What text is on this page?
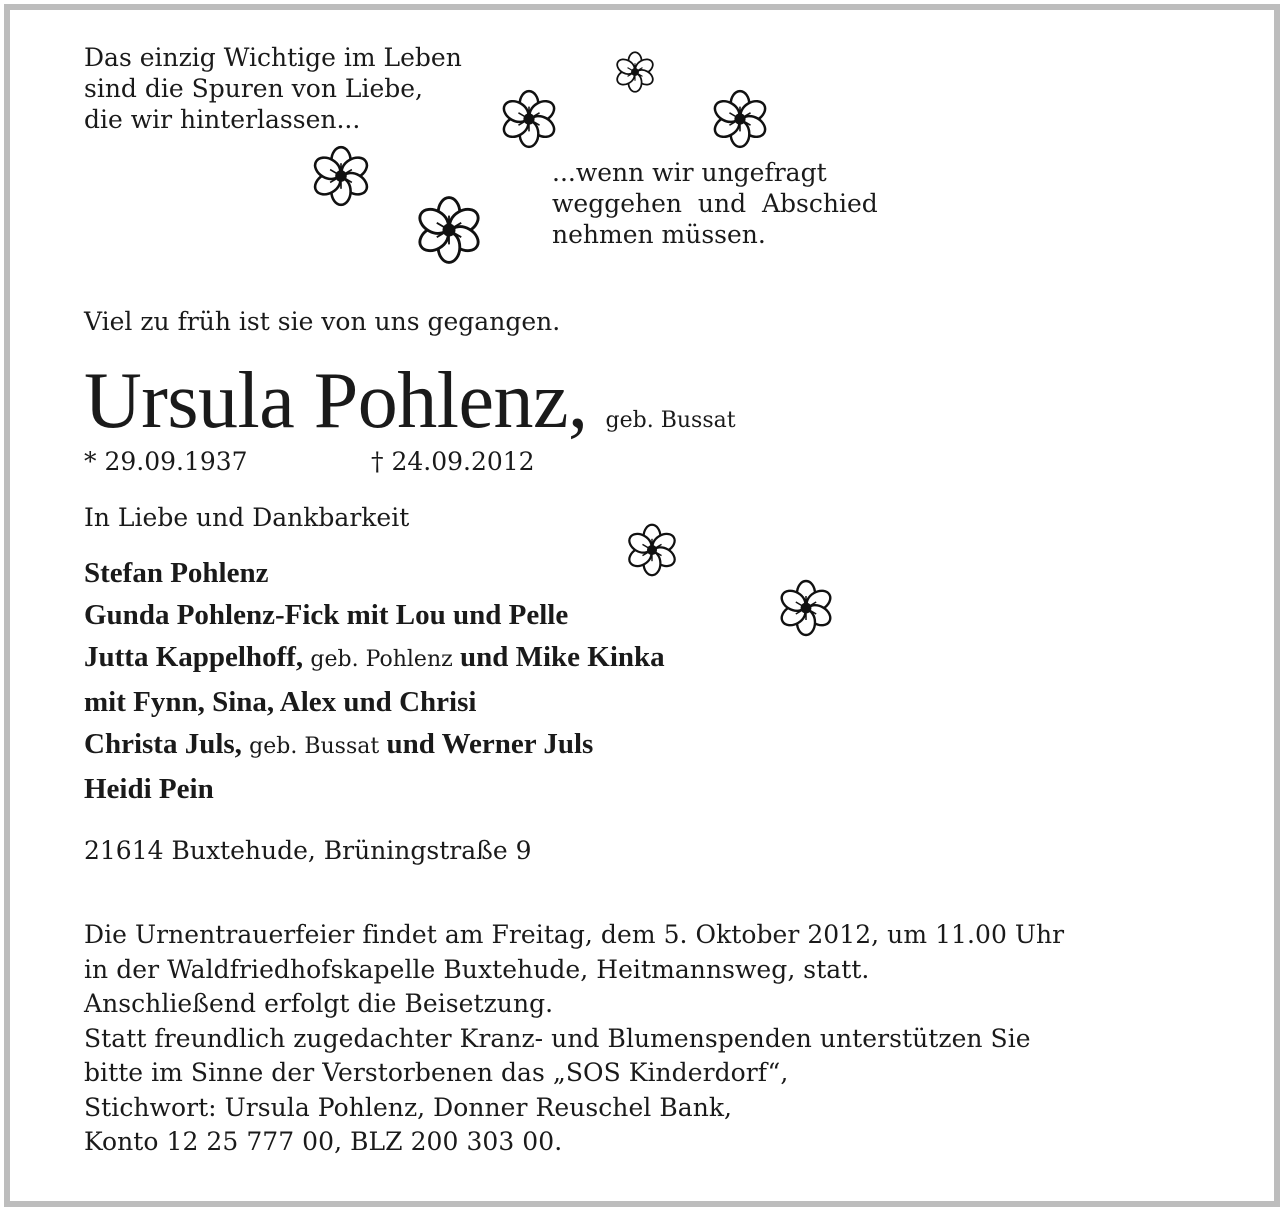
Das einzig Wichtige im Leben
sind die Spuren von Liebe,
die wir hinterlassen...
...wenn wir ungefragt
weggehen  und  Abschied
nehmen müssen.
Viel zu früh ist sie von uns gegangen.
Ursula Pohlenz, geb. Bussat
* 29.09.1937	† 24.09.2012
In Liebe und Dankbarkeit
Stefan Pohlenz
Gunda Pohlenz-Fick mit Lou und Pelle
Jutta Kappelhoff, geb. Pohlenz und Mike Kinka
mit Fynn, Sina, Alex und Chrisi
Christa Juls, geb. Bussat und Werner Juls
Heidi Pein
21614 Buxtehude, Brüningstraße 9
Die Urnentrauerfeier findet am Freitag, dem 5. Oktober 2012, um 11.00 Uhr
in der Waldfriedhofskapelle Buxtehude, Heitmannsweg, statt.
Anschließend erfolgt die Beisetzung.
Statt freundlich zugedachter Kranz- und Blumenspenden unterstützen Sie
bitte im Sinne der Verstorbenen das „SOS Kinderdorf“,
Stichwort: Ursula Pohlenz, Donner Reuschel Bank,
Konto 12 25 777 00, BLZ 200 303 00.
